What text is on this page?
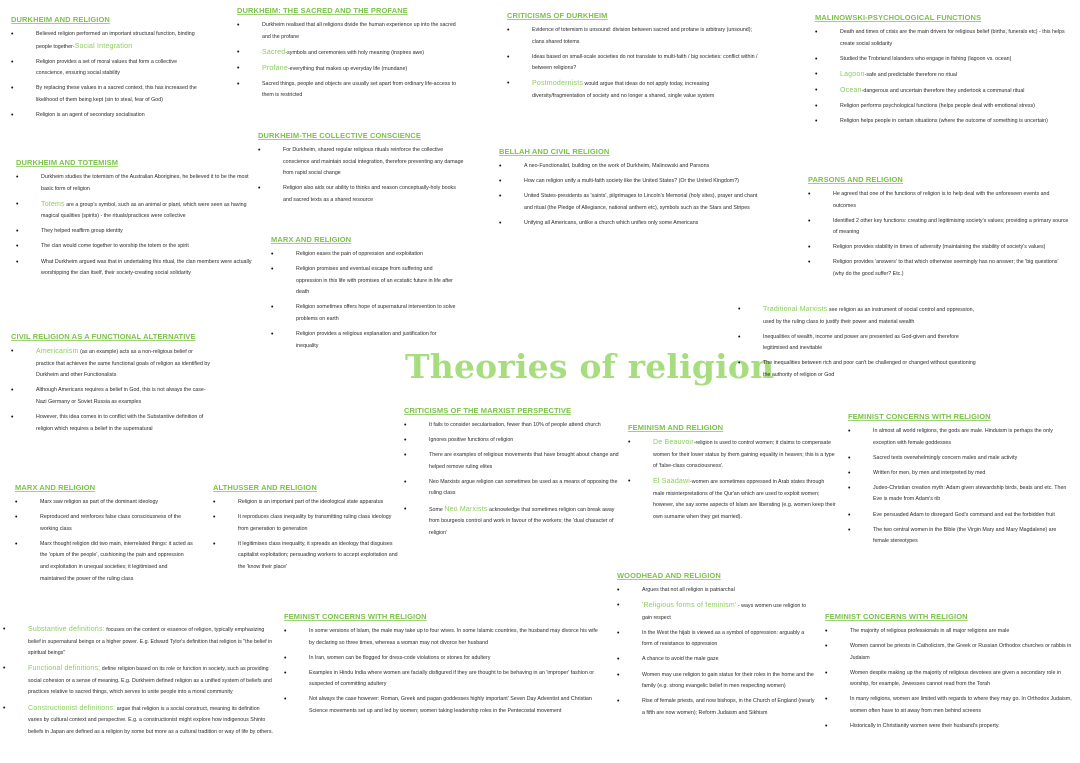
Theories of religion
DURKHEIM AND RELIGION
• Believed religion performed an important structural function, binding people together-Social Integration
• Religion provides a set of moral values that form a collective conscience, ensuring social stability
• By replacing these values in a sacred context, this has increased the likelihood of them being kept (sin to steal, fear of God)
• Religion is an agent of secondary socialisation
DURKHEIM AND TOTEMISM
• Durkheim studies the totemism of the Australian Aborigines, he believed it to be the most basic form of religion
• Totems are a group's symbol, such as an animal or plant, which were seen as having magical qualities (spirits) - the rituals/practices were collective
• They helped reaffirm group identity
• The clan would come together to worship the totem or the spirit
• What Durkheim argued was that in undertaking this ritual, the clan members were actually worshipping the clan itself, their society-creating social solidarity
CIVIL RELIGION AS A FUNCTIONAL ALTERNATIVE
• Americanism (as an example) acts as a non-religious belief or practice that achieves the same functional goals of religion as identified by Durkheim and other Functionalists
• Although Americans requires a belief in God, this is not always the case-Nazi Germany or Soviet Russia as examples
• However, this idea comes in to conflict with the Substantive definition of religion which requires a belief in the supernatural
MARX AND RELIGION
• Marx saw religion as part of the dominant ideology
• Reproduced and reinforces false class consciousness of the working class
• Marx thought religion did two main, interrelated things: it acted as the 'opium of the people', cushioning the pain and oppression and exploitation in unequal societies; it legitimised and maintained the power of the ruling class
• Substantive definitions: focuses on the content or essence of religion, typically emphasizing belief in supernatural beings or a higher power. E.g. Edward Tylor's definition that religion is "the belief in spiritual beings"
• Functional definitions: define religion based on its role or function in society, such as providing social cohesion or a sense of meaning. E.g. Durkheim defined religion as a unified system of beliefs and practices relative to sacred things, which serves to unite people into a moral community
• Constructionist definitions: argue that religion is a social construct, meaning its definition varies by cultural context and perspective. E.g. a constructionist might explore how indigenous Shinto beliefs in Japan are defined as a religion by some but more as a cultural tradition or way of life by others.
DURKHEIM: THE SACRED AND THE PROFANE
• Durkheim realised that all religions divide the human experience up into the sacred and the profane
• Sacred-symbols and ceremonies with holy meaning (inspires awe)
• Profane-everything that makes up everyday life (mundane)
• Sacred things, people and objects are usually set apart from ordinary life-access to them is restricted
DURKHEIM-THE COLLECTIVE CONSCIENCE
• For Durkheim, shared regular religious rituals reinforce the collective conscience and maintain social integration, therefore preventing any damage from rapid social change
• Religion also aids our ability to thinks and reason conceptually-holy books and sacred texts as a shared resource
MARX AND RELIGION
• Religion eases the pain of oppression and exploitation
• Religion promises and eventual escape from suffering and oppression in this life with promises of an ecstatic future in life after death
• Religion sometimes offers hope of supernatural intervention to solve problems on earth
• Religion provides a religious explanation and justification for inequality
ALTHUSSER AND RELIGION
• Religion is an important part of the ideological state apparatus
• It reproduces class inequality by transmitting ruling class ideology from generation to generation
• It legitimises class inequality, it spreads an ideology that disguises capitalist exploitation; persuading workers to accept exploitation and the 'know their place'
FEMINIST CONCERNS WITH RELIGION
• In some versions of Islam, the male may take up to four wives. In some Islamic countries, the husband may divorce his wife by declaring so three times, whereas a woman may not divorce her husband
• In Iran, women can be flogged for dress-code violations or stones for adultery
• Examples in Hindu India where women are facially disfigured if they are thought to be behaving in an 'improper' fashion or suspected of committing adultery
• Not always the case however: Roman, Greek and pagan goddesses highly important' Seven Day Adventist and Christian Science movements set up and led by women; women taking leadership roles in the Pentecostal movement
CRITICISMS OF DURKHEIM
• Evidence of totemism is unsound: division between sacred and profane is arbitrary (unsound); clans shared totems
• Ideas based on small-scale societies do not translate to multi-faith / big societies: conflict within / between religions?
• Postmodernists would argue that ideas do not apply today, increasing diversity/fragmentation of society and no longer a shared, single value system
BELLAH AND CIVIL RELIGION
• A neo-Functionalist, building on the work of Durkheim, Malinowski and Parsons
• How can religion unify a multi-faith society like the United States? (Or the United Kingdom?)
• United States-presidents as 'saints', pilgrimages to Lincoln's Memorial (holy sites), prayer and chant and ritual (the Pledge of Allegiance, national anthem etc), symbols such as the Stars and Stripes
• Unifying all Americans, unlike a church which unifies only some Americans
CRITICISMS OF THE MARXIST PERSPECTIVE
• It fails to consider secularisation, fewer than 10% of people attend church
• Ignores positive functions of religion
• There are examples of religious movements that have brought about change and helped remove ruling elites
• Neo Marxists argue religion can sometimes be used as a means of opposing the ruling class
• Some Neo Marxists acknowledge that sometimes religion can break away from bourgeois control and work in favour of the workers; the 'dual character of religion'
FEMINISM AND RELIGION
• De Beauvoir-religion is used to control women; it claims to compensate women for their lower status by them gaining equality in heaven; this is a type of 'false-class consciousness'.
• El Saadawi-women are sometimes oppressed in Arab states through male misinterpretations of the Qur'an which are used to exploit women; however, she say some aspects of Islam are liberating (e.g. women keep their own surname when they get married).
WOODHEAD AND RELIGION
• Argues that not all religion is patriarchal
• 'Religious forms of feminism' - ways women use religion to gain respect
• In the West the hijab is viewed as a symbol of oppression: arguably a form of resistance to oppression
• A chance to avoid the male gaze
• Women may use religion to gain status for their roles in the home and the family (e.g. strong evangelic belief in men respecting women)
• Rise of female priests, and now bishops, in the Church of England (nearly a fifth are now women); Reform Judaism and Sikhism
MALINOWSKI-PSYCHOLOGICAL FUNCTIONS
• Death and times of crisis are the main drivers for religious belief (births, funerals etc) - this helps create social solidarity
• Studied the Trobriand Islanders who engage in fishing (lagoon vs. ocean)
• Lagoon-safe and predictable therefore no ritual
• Ocean-dangerous and uncertain therefore they undertook a communal ritual
• Religion performs psychological functions (helps people deal with emotional stress)
• Religion helps people in certain situations (where the outcome of something is uncertain)
PARSONS AND RELIGION
• He agreed that one of the functions of religion is to help deal with the unforeseen events and outcomes
• Identified 2 other key functions: creating and legitimising society's values; providing a primary source of meaning
• Religion provides stability in times of adversity (maintaining the stability of society's values)
• Religion provides 'answers' to that which otherwise seemingly has no answer; the 'big questions' (why do the good suffer? Etc.)
• Traditional Marxists see religion as an instrument of social control and oppression, used by the ruling class to justify their power and material wealth
• Inequalities of wealth, income and power are presented as God-given and therefore legitimised and inevitable
• The inequalities between rich and poor can't be challenged or changed without questioning the authority of religion or God
FEMINIST CONCERNS WITH RELIGION
• In almost all world religions, the gods are male. Hinduism is perhaps the only exception with female goddesses
• Sacred texts overwhelmingly concern males and male activity
• Written for men, by men and interpreted by med
• Judeo-Christian creation myth: Adam given stewardship birds, beats and etc. Then Eve is made from Adam's rib
• Eve persuaded Adam to disregard God's command and eat the forbidden fruit
• The two central women in the Bible (the Virgin Mary and Mary Magdalene) are female stereotypes
FEMINIST CONCERNS WITH RELIGION
• The majority of religious professionals in all major religions are male
• Women cannot be priests in Catholicism, the Greek or Russian Orthodox churches or rabbis in Judaism
• Women despite making up the majority of religious devotees are given a secondary role in worship, for example, Jewesses cannot read from the Torah
• In many religions, women are limited with regards to where they may go. In Orthodox Judaism, women often have to sit away from men behind screens
• Historically in Christianity women were their husband's property.
